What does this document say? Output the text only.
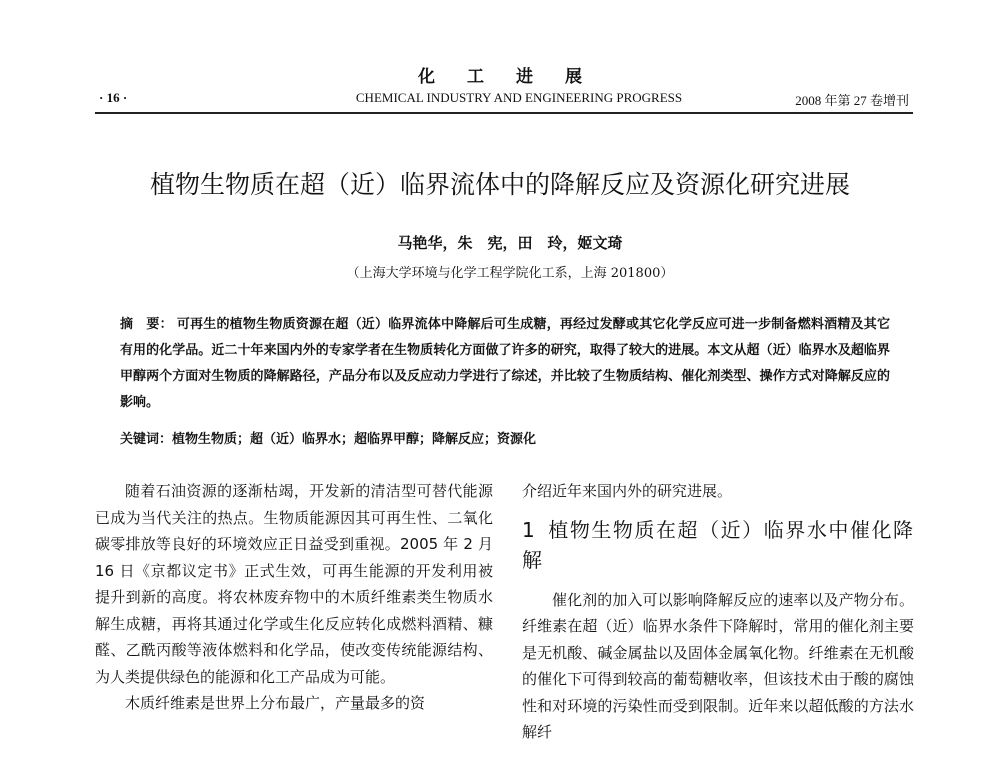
化工进展
· 16 ·	CHEMICAL INDUSTRY AND ENGINEERING PROGRESS	2008 年第 27 卷增刊
植物生物质在超（近）临界流体中的降解反应及资源化研究进展
马艳华，朱　宪，田　玲，姬文琦
（上海大学环境与化学工程学院化工系，上海 201800）
摘　要： 可再生的植物生物质资源在超（近）临界流体中降解后可生成糖，再经过发酵或其它化学反应可进一步制备燃料酒精及其它有用的化学品。近二十年来国内外的专家学者在生物质转化方面做了许多的研究，取得了较大的进展。本文从超（近）临界水及超临界甲醇两个方面对生物质的降解路径，产品分布以及反应动力学进行了综述，并比较了生物质结构、催化剂类型、操作方式对降解反应的影响。
关键词：植物生物质；超（近）临界水；超临界甲醇；降解反应；资源化

随着石油资源的逐渐枯竭，开发新的清洁型可替代能源已成为当代关注的热点。生物质能源因其可再生性、二氧化碳零排放等良好的环境效应正日益受到重视。2005 年 2 月 16 日《京都议定书》正式生效，可再生能源的开发利用被提升到新的高度。将农林废弃物中的木质纤维素类生物质水解生成糖，再将其通过化学或生化反应转化成燃料酒精、糠醛、乙酰丙酸等液体燃料和化学品，使改变传统能源结构、为人类提供绿色的能源和化工产品成为可能。

木质纤维素是世界上分布最广，产量最多的资

介绍近年来国内外的研究进展。

1 植物生物质在超（近）临界水中催化降解

催化剂的加入可以影响降解反应的速率以及产物分布。纤维素在超（近）临界水条件下降解时，常用的催化剂主要是无机酸、碱金属盐以及固体金属氧化物。纤维素在无机酸的催化下可得到较高的葡萄糖收率，但该技术由于酸的腐蚀性和对环境的污染性而受到限制。近年来以超低酸的方法水解纤
